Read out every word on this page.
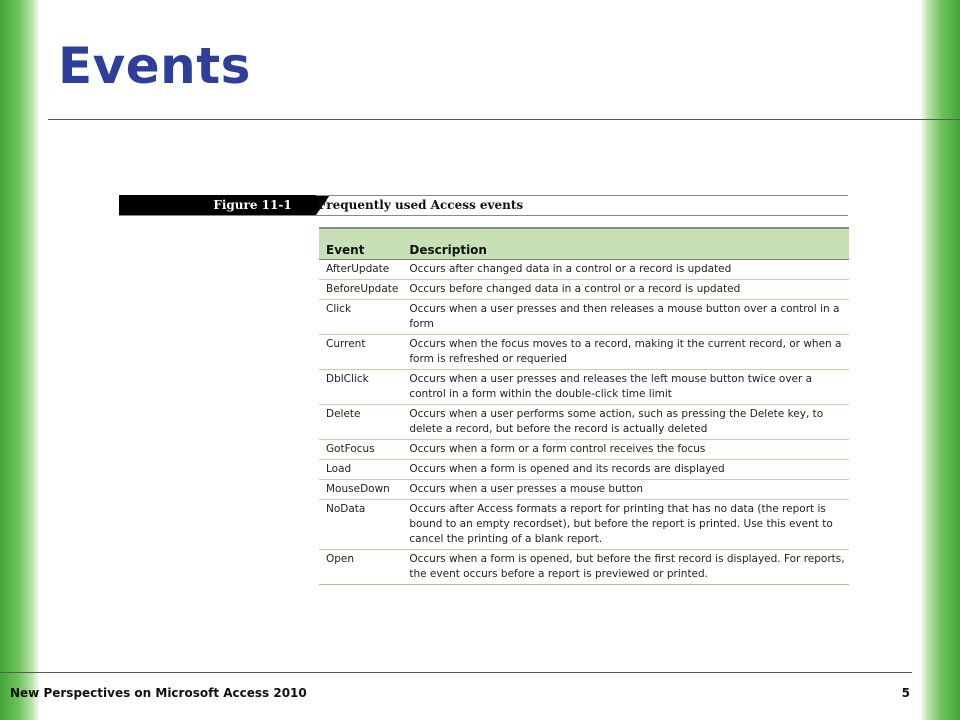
Events
Figure 11-1	Frequently used Access events
Event	Description
AfterUpdate	Occurs after changed data in a control or a record is updated
BeforeUpdate	Occurs before changed data in a control or a record is updated
Click	Occurs when a user presses and then releases a mouse button over a control in a form
Current	Occurs when the focus moves to a record, making it the current record, or when a form is refreshed or requeried
DblClick	Occurs when a user presses and releases the left mouse button twice over a control in a form within the double-click time limit
Delete	Occurs when a user performs some action, such as pressing the Delete key, to delete a record, but before the record is actually deleted
GotFocus	Occurs when a form or a form control receives the focus
Load	Occurs when a form is opened and its records are displayed
MouseDown	Occurs when a user presses a mouse button
NoData	Occurs after Access formats a report for printing that has no data (the report is bound to an empty recordset), but before the report is printed. Use this event to cancel the printing of a blank report.
Open	Occurs when a form is opened, but before the first record is displayed. For reports, the event occurs before a report is previewed or printed.
New Perspectives on Microsoft Access 2010	5
